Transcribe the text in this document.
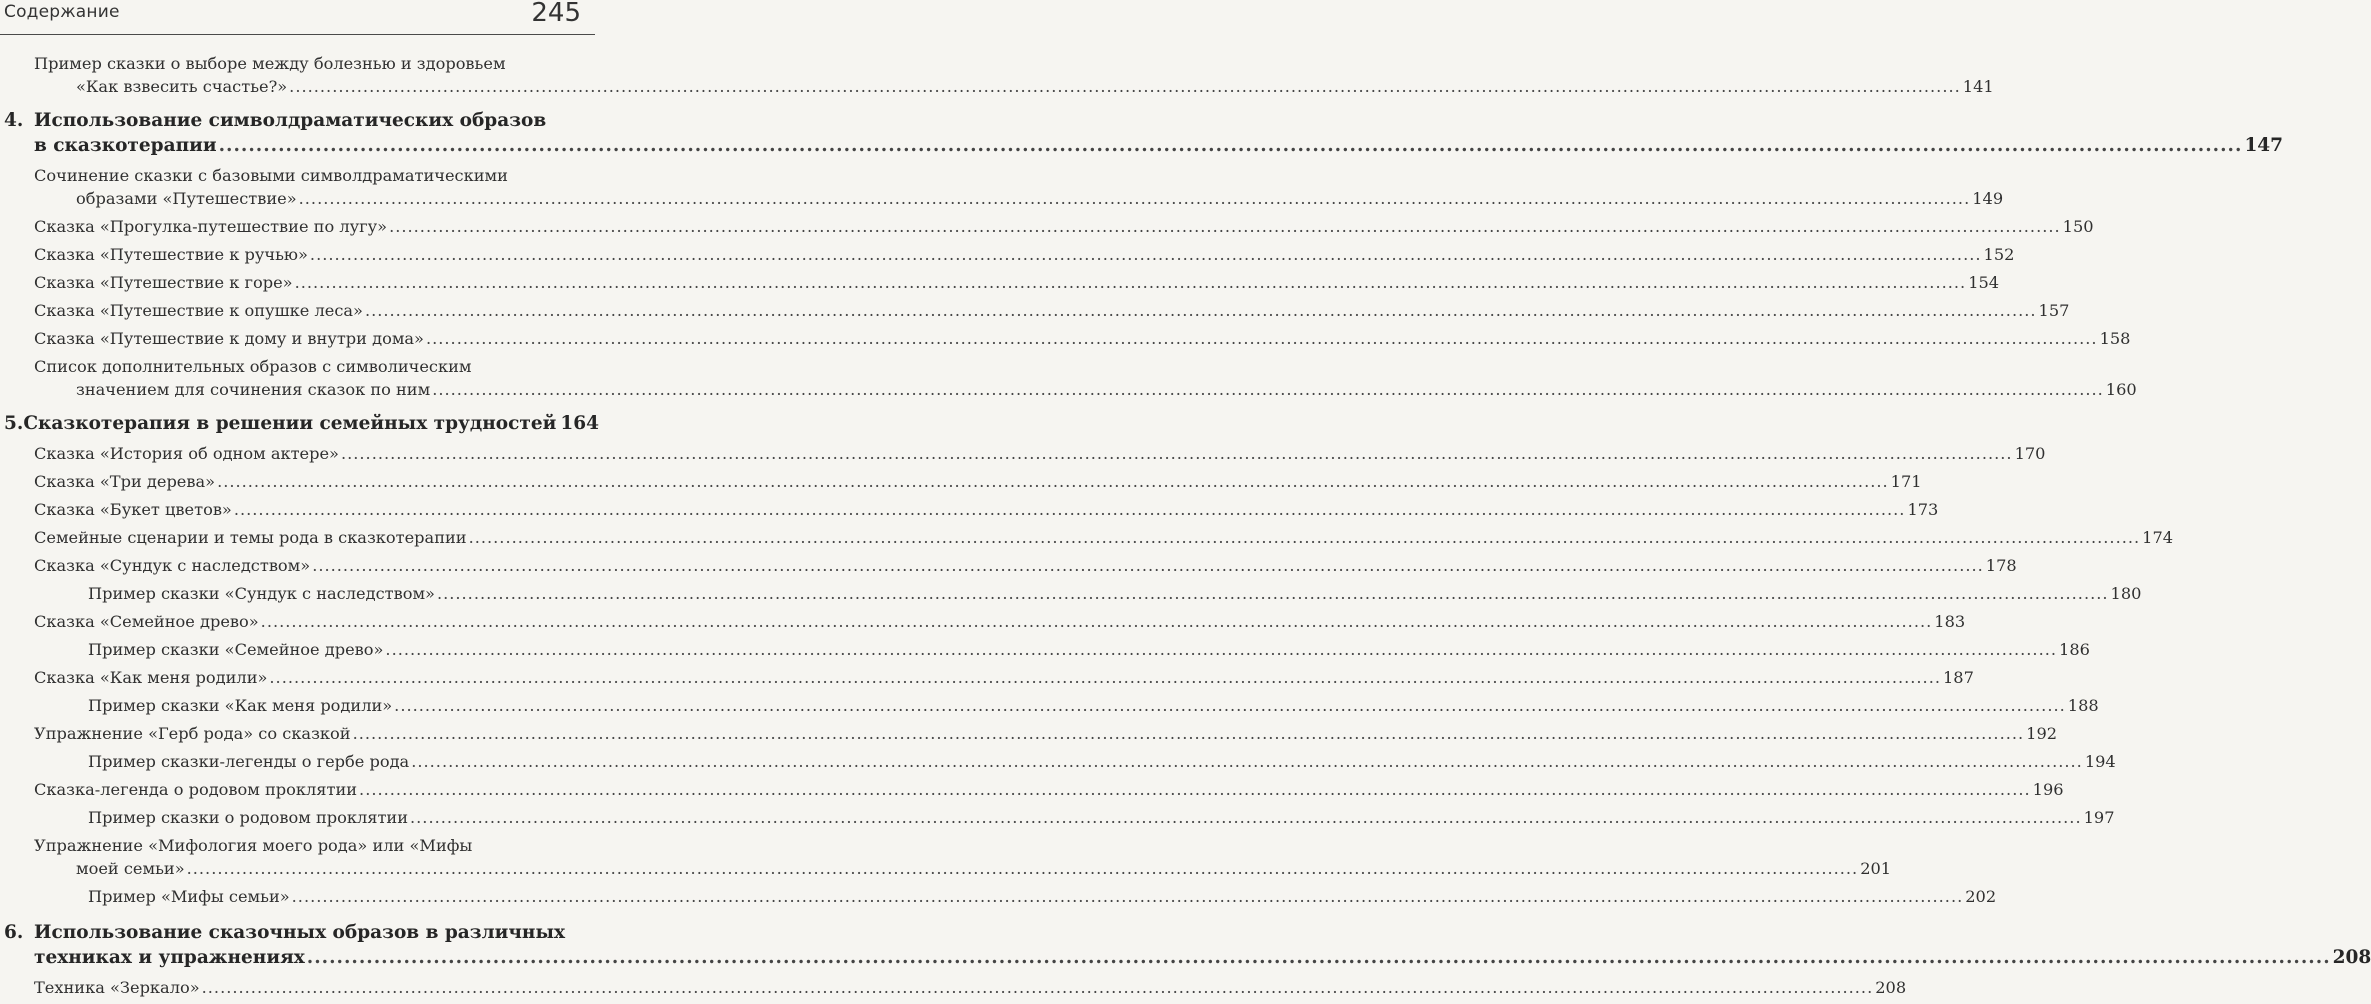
Содержание	245
Пример сказки о выборе между болезнью и здоровьем
«Как взвесить счастье?» .....	141
4. Использование символдраматических образов
в сказкотерапии .....	147
Сочинение сказки с базовыми символдраматическими
образами «Путешествие» .....	149
Сказка «Прогулка-путешествие по лугу» .....	150
Сказка «Путешествие к ручью» .....	152
Сказка «Путешествие к горе» .....	154
Сказка «Путешествие к опушке леса» .....	157
Сказка «Путешествие к дому и внутри дома» .....	158
Список дополнительных образов с символическим
значением для сочинения сказок по ним .....	160
5. Сказкотерапия в решении семейных трудностей 164
Сказка «История об одном актере» .....	170
Сказка «Три дерева» .....	171
Сказка «Букет цветов» .....	173
Семейные сценарии и темы рода в сказкотерапии .....	174
Сказка «Сундук с наследством» .....	178
Пример сказки «Сундук с наследством» .....	180
Сказка «Семейное древо» .....	183
Пример сказки «Семейное древо» .....	186
Сказка «Как меня родили» .....	187
Пример сказки «Как меня родили» .....	188
Упражнение «Герб рода» со сказкой .....	192
Пример сказки-легенды о гербе рода .....	194
Сказка-легенда о родовом проклятии .....	196
Пример сказки о родовом проклятии .....	197
Упражнение «Мифология моего рода» или «Мифы
моей семьи» .....	201
Пример «Мифы семьи» .....	202
6. Использование сказочных образов в различных
техниках и упражнениях .....	208
Техника «Зеркало» .....	208
